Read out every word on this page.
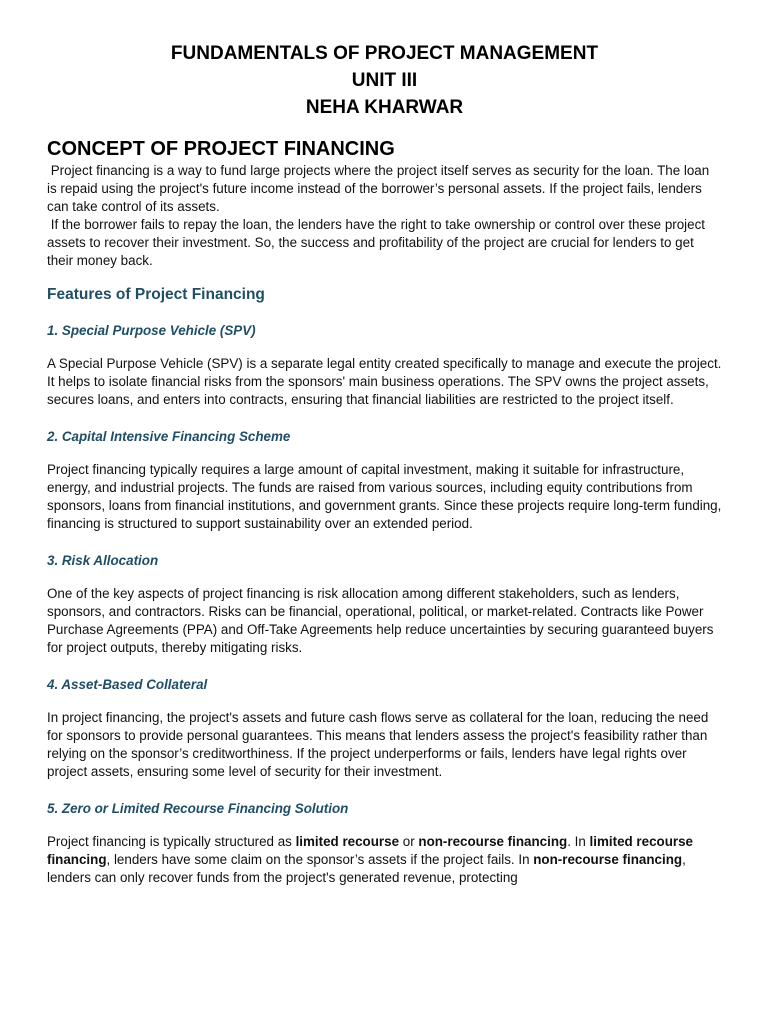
FUNDAMENTALS OF PROJECT MANAGEMENT
UNIT III
NEHA KHARWAR
CONCEPT OF PROJECT FINANCING

Project financing is a way to fund large projects where the project itself serves as security for the loan. The loan is repaid using the project's future income instead of the borrower’s personal assets. If the project fails, lenders can take control of its assets.

If the borrower fails to repay the loan, the lenders have the right to take ownership or control over these project assets to recover their investment. So, the success and profitability of the project are crucial for lenders to get their money back.

Features of Project Financing
1. Special Purpose Vehicle (SPV)

A Special Purpose Vehicle (SPV) is a separate legal entity created specifically to manage and execute the project. It helps to isolate financial risks from the sponsors' main business operations. The SPV owns the project assets, secures loans, and enters into contracts, ensuring that financial liabilities are restricted to the project itself.

2. Capital Intensive Financing Scheme

Project financing typically requires a large amount of capital investment, making it suitable for infrastructure, energy, and industrial projects. The funds are raised from various sources, including equity contributions from sponsors, loans from financial institutions, and government grants. Since these projects require long-term funding, financing is structured to support sustainability over an extended period.

3. Risk Allocation

One of the key aspects of project financing is risk allocation among different stakeholders, such as lenders, sponsors, and contractors. Risks can be financial, operational, political, or market-related. Contracts like Power Purchase Agreements (PPA) and Off-Take Agreements help reduce uncertainties by securing guaranteed buyers for project outputs, thereby mitigating risks.

4. Asset-Based Collateral

In project financing, the project's assets and future cash flows serve as collateral for the loan, reducing the need for sponsors to provide personal guarantees. This means that lenders assess the project's feasibility rather than relying on the sponsor’s creditworthiness. If the project underperforms or fails, lenders have legal rights over project assets, ensuring some level of security for their investment.

5. Zero or Limited Recourse Financing Solution

Project financing is typically structured as limited recourse or non-recourse financing. In limited recourse financing, lenders have some claim on the sponsor’s assets if the project fails. In non-recourse financing, lenders can only recover funds from the project's generated revenue, protecting
